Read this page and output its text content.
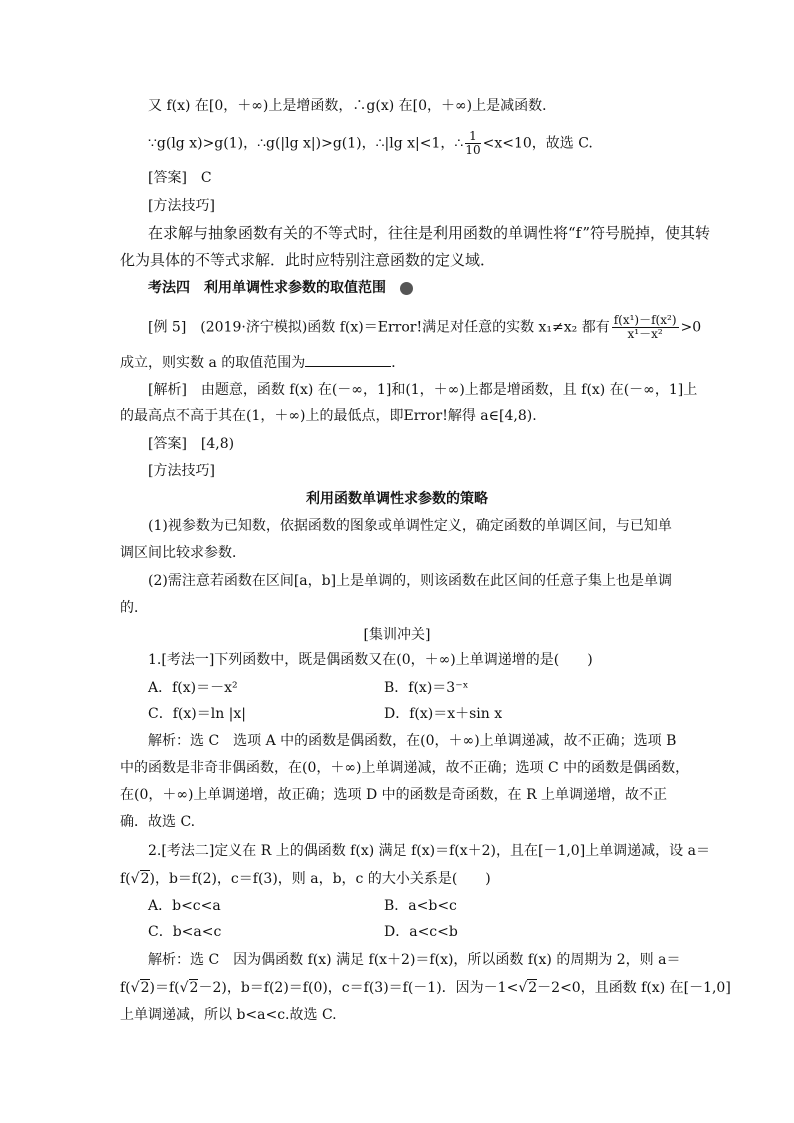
又 f(x) 在[0，＋∞)上是增函数，∴g(x) 在[0，＋∞)上是减函数．
∵g(lg x)>g(1)，∴g(|lg x|)>g(1)，∴|lg x|<1，∴ $\frac{1}{10} <x<10$，故选 C.
[答案]　C
[方法技巧]
在求解与抽象函数有关的不等式时，往往是利用函数的单调性将“f”符号脱掉，使其转
化为具体的不等式求解．此时应特别注意函数的定义域．
考法四　利用单调性求参数的取值范围
[例 5]　(2019·济宁模拟)函数 f(x)＝Error!满足对任意的实数 x₁≠x₂ 都有 $\frac{\text{f(x¹)－f(x²)}}{\text{x¹－x²}} >0$
成立，则实数 a 的取值范围为	．
[解析]　由题意，函数 f(x) 在(－∞，1]和(1，＋∞)上都是增函数，且 f(x) 在(－∞，1]上
的最高点不高于其在(1，＋∞)上的最低点，即Error!解得 a∈[4,8).
[答案]　[4,8)
[方法技巧]
利用函数单调性求参数的策略
(1)视参数为已知数，依据函数的图象或单调性定义，确定函数的单调区间，与已知单
调区间比较求参数．
(2)需注意若函数在区间[a，b]上是单调的，则该函数在此区间的任意子集上也是单调
的．
[集训冲关]
1.[考法一]下列函数中，既是偶函数又在(0，＋∞)上单调递增的是(　　)
A．f(x)＝－x²	B．f(x)＝3⁻ˣ
C．f(x)＝ln |x|	D．f(x)＝x＋sin x
解析：选 C　选项 A 中的函数是偶函数，在(0，＋∞)上单调递减，故不正确；选项 B
中的函数是非奇非偶函数，在(0，＋∞)上单调递减，故不正确；选项 C 中的函数是偶函数，
在(0，＋∞)上单调递增，故正确；选项 D 中的函数是奇函数，在 R 上单调递增，故不正
确．故选 C.
2.[考法二]定义在 R 上的偶函数 f(x) 满足 f(x)＝f(x＋2)，且在[－1,0]上单调递减，设 a＝
f(√2)，b＝f(2)，c＝f(3)，则 a，b，c 的大小关系是(　　)
A．b<c<a	B．a<b<c
C．b<a<c	D．a<c<b
解析：选 C　因为偶函数 f(x) 满足 f(x＋2)＝f(x)，所以函数 f(x) 的周期为 2，则 a＝
f(√2)＝f(√2－2)，b＝f(2)＝f(0)，c＝f(3)＝f(－1)．因为－1<√2－2<0，且函数 f(x) 在[－1,0]
上单调递减，所以 b<a<c.故选 C.
